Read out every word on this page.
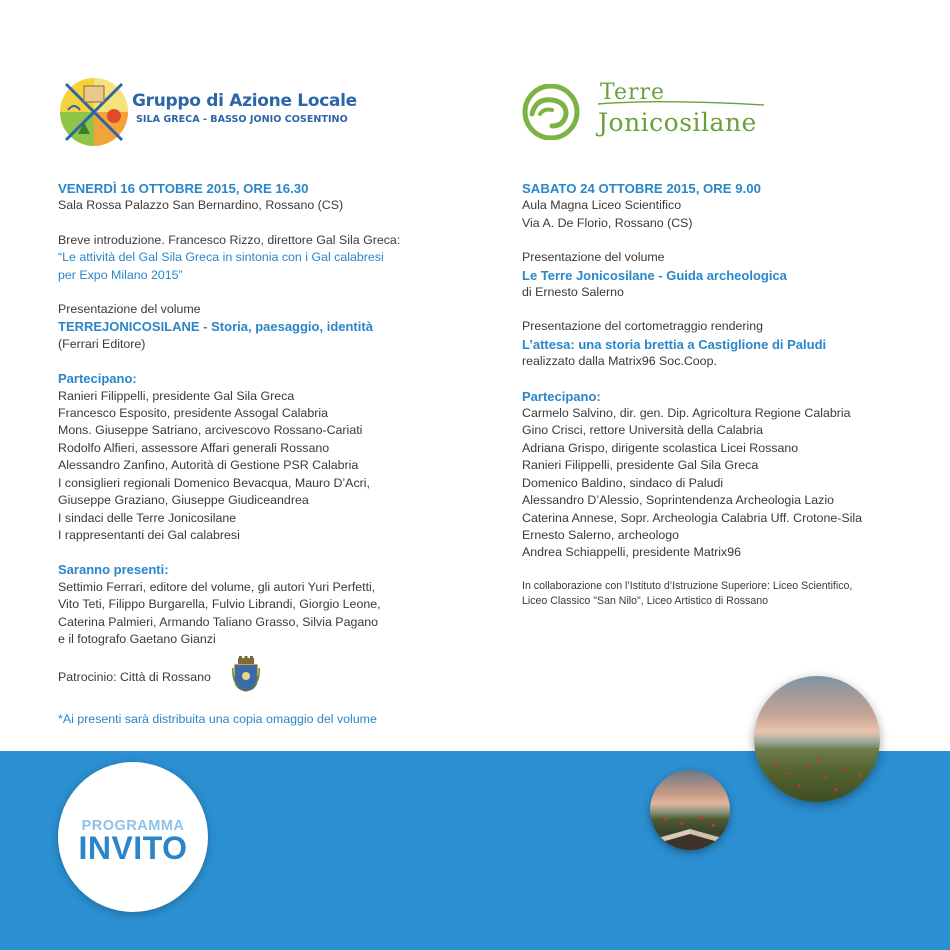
Gruppo di Azione Locale
SILA GRECA - BASSO JONIO COSENTINO
Terre
Jonicosilane

VENERDÌ 16 OTTOBRE 2015, ORE 16.30

Sala Rossa Palazzo San Bernardino, Rossano (CS)

Breve introduzione. Francesco Rizzo, direttore Gal Sila Greca:

“Le attività del Gal Sila Greca in sintonia con i Gal calabresi

per Expo Milano 2015”

Presentazione del volume

TERREJONICOSILANE - Storia, paesaggio, identità

(Ferrari Editore)

Partecipano:

Ranieri Filippelli, presidente Gal Sila Greca

Francesco Esposito, presidente Assogal Calabria

Mons. Giuseppe Satriano, arcivescovo Rossano-Cariati

Rodolfo Alfieri, assessore Affari generali Rossano

Alessandro Zanfino, Autorità di Gestione PSR Calabria

I consiglieri regionali Domenico Bevacqua, Mauro D’Acri,

Giuseppe Graziano, Giuseppe Giudiceandrea

I sindaci delle Terre Jonicosilane

I rappresentanti dei Gal calabresi

Saranno presenti:

Settimio Ferrari, editore del volume, gli autori Yuri Perfetti,

Vito Teti, Filippo Burgarella, Fulvio Librandi, Giorgio Leone,

Caterina Palmieri, Armando Taliano Grasso, Silvia Pagano

e il fotografo Gaetano Gianzi

Patrocinio: Città di Rossano

*Ai presenti sarà distribuita una copia omaggio del volume

SABATO 24 OTTOBRE 2015, ORE 9.00

Aula Magna Liceo Scientifico

Via A. De Florio, Rossano (CS)

Presentazione del volume

Le Terre Jonicosilane - Guida archeologica

di Ernesto Salerno

Presentazione del cortometraggio rendering

L’attesa: una storia brettia a Castiglione di Paludi

realizzato dalla Matrix96 Soc.Coop.

Partecipano:

Carmelo Salvino, dir. gen. Dip. Agricoltura Regione Calabria

Gino Crisci, rettore Università della Calabria

Adriana Grispo, dirigente scolastica Licei Rossano

Ranieri Filippelli, presidente Gal Sila Greca

Domenico Baldino, sindaco di Paludi

Alessandro D’Alessio, Soprintendenza Archeologia Lazio

Caterina Annese, Sopr. Archeologia Calabria Uff. Crotone-Sila

Ernesto Salerno, archeologo

Andrea Schiappelli, presidente Matrix96

In collaborazione con l’Istituto d’Istruzione Superiore: Liceo Scientifico,

Liceo Classico "San Nilo", Liceo Artistico di Rossano

PROGRAMMA
INVITO
